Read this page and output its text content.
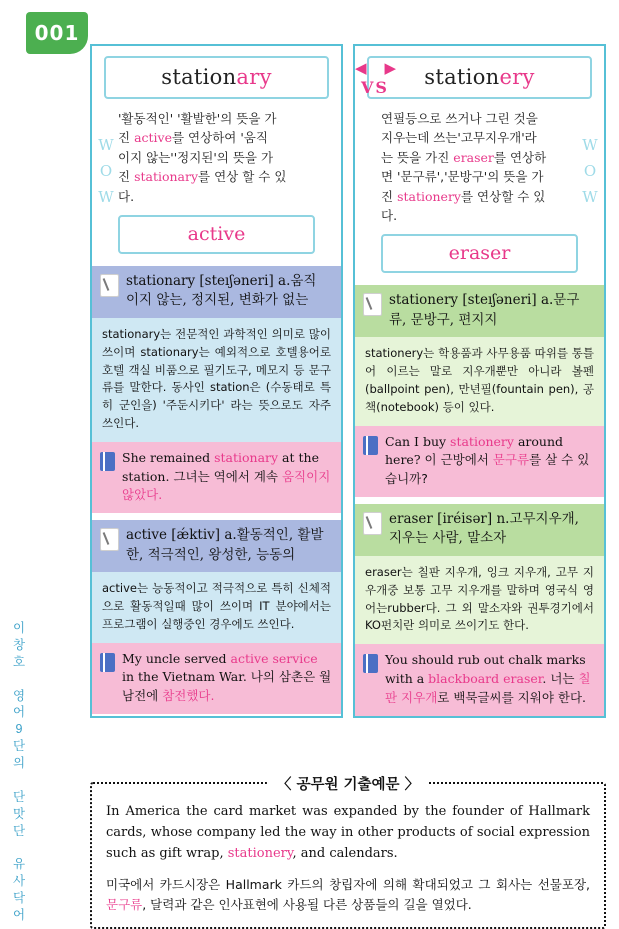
001
이
창
호

영
어
9
단
의

단
맛
단

유
사
닥
어
stationary
W
O
W
'활동적인' '활발한'의 뜻을 가
진 active를 연상하여 '움직
이지 않는''정지된'의 뜻을 가
진 stationary를 연상 할 수 있
다.
active
stationary [steıʃəneri] a.움직 이지 않는, 정지된, 변화가 없는
stationary는 전문적인 과학적인 의미로 많이 쓰이며 stationary는 예외적으로 호텔용어로 호텔 객실 비품으로 필기도구, 메모지 등 문구류를 말한다. 동사인 station은 (수동태로 특히 군인을) '주둔시키다' 라는 뜻으로도 자주 쓰인다.
She remained stationary at the station. 그녀는 역에서 계속 움직이지 않았다.
active [ǽktiv] a.활동적인, 활발한, 적극적인, 왕성한, 능동의
active는 능동적이고 적극적으로 특히 신체적으로 활동적일때 많이 쓰이며 IT 분야에서는 프로그램이 실행중인 경우에도 쓰인다.
My uncle served active service in the Vietnam War. 나의 삼촌은 월남전에 참전했다.
◀      ▶
VS	stationery
W
O
W
연필등으로 쓰거나 그린 것을
지우는데 쓰는'고무지우개'라
는 뜻을 가진 eraser를 연상하
면 '문구류','문방구'의 뜻을 가
진 stationery를 연상할 수 있
다.
eraser
stationery [steıʃəneri] a.문구류, 문방구, 편지지
stationery는 학용품과 사무용품 따위를 통틀어 이르는 말로 지우개뿐만 아니라 볼펜(ballpoint pen), 만년필(fountain pen), 공책(notebook) 등이 있다.
Can I buy stationery around here? 이 근방에서 문구류를 살 수 있습니까?
eraser [iréisər] n.고무지우개, 지우는 사람, 말소자
eraser는 칠판 지우개, 잉크 지우개, 고무 지우개중 보통 고무 지우개를 말하며 영국식 영어는rubber다. 그 외 말소자와 권투경기에서 KO펀치란 의미로 쓰이기도 한다.
You should rub out chalk marks with a blackboard eraser. 너는 칠판 지우개로 백묵글씨를 지워야 한다.
〈 공무원 기출예문 〉
In America the card market was expanded by the founder of Hallmark cards, whose company led the way in other products of social expression such as gift wrap, stationery, and calendars.
미국에서 카드시장은 Hallmark 카드의 창립자에 의해 확대되었고 그 회사는 선물포장, 문구류, 달력과 같은 인사표현에 사용될 다른 상품들의 길을 열었다.
